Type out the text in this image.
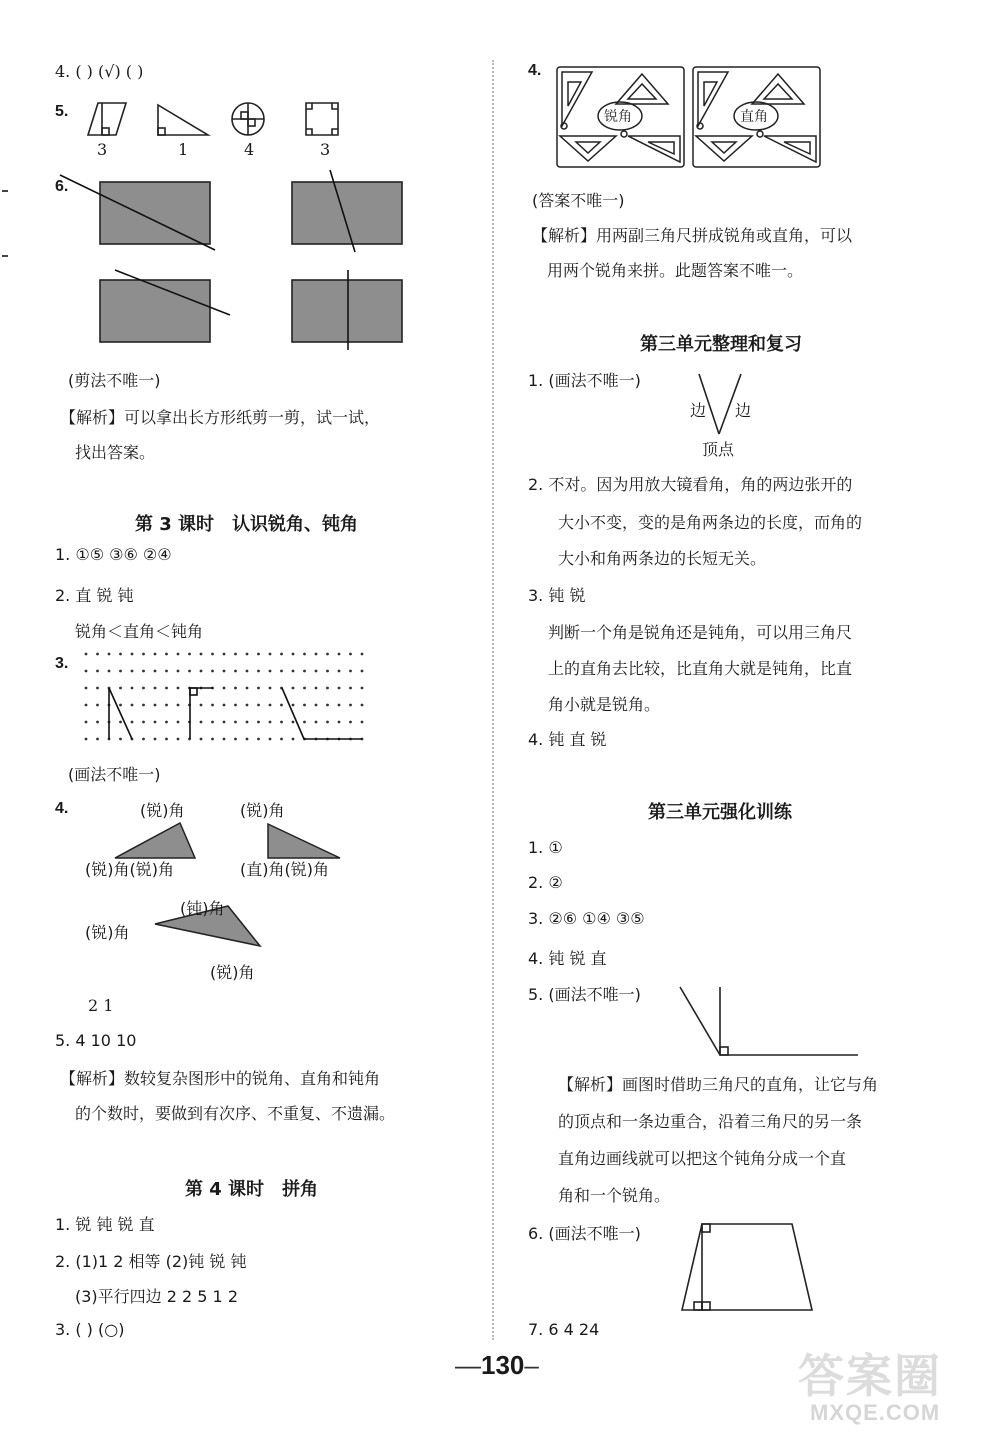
4. ( ) (√) ( )
5.
3	1	4	3
6.
(剪法不唯一)
【解析】可以拿出长方形纸剪一剪，试一试，
找出答案。
第 3 课时 认识锐角、钝角
1. ①⑤ ③⑥ ②④
2. 直 锐 钝
锐角＜直角＜钝角
3.
(画法不唯一)
4.	(锐)角
(锐)角(锐)角
(锐)角
(直)角(锐)角
(钝)角
(锐)角
(锐)角
2 1
5. 4 10 10
【解析】数较复杂图形中的锐角、直角和钝角
的个数时，要做到有次序、不重复、不遗漏。
第 4 课时 拼角
1. 锐 钝 锐 直
2. (1)1 2 相等 (2)钝 锐 钝
(3)平行四边 2 2 5 1 2
3. ( ) (○)
4.
锐角	直角
(答案不唯一)
【解析】用两副三角尺拼成锐角或直角，可以
用两个锐角来拼。此题答案不唯一。
第三单元整理和复习
1. (画法不唯一)
边 边
顶点
2. 不对。因为用放大镜看角，角的两边张开的
大小不变，变的是角两条边的长度，而角的
大小和角两条边的长短无关。
3. 钝 锐
判断一个角是锐角还是钝角，可以用三角尺
上的直角去比较，比直角大就是钝角，比直
角小就是锐角。
4. 钝 直 锐
第三单元强化训练
1. ①
2. ②
3. ②⑥ ①④ ③⑤
4. 钝 锐 直
5. (画法不唯一)
【解析】画图时借助三角尺的直角，让它与角
的顶点和一条边重合，沿着三角尺的另一条
直角边画线就可以把这个钝角分成一个直
角和一个锐角。
6. (画法不唯一)
7. 6 4 24
—130–	答案圈
MXQE.COM
